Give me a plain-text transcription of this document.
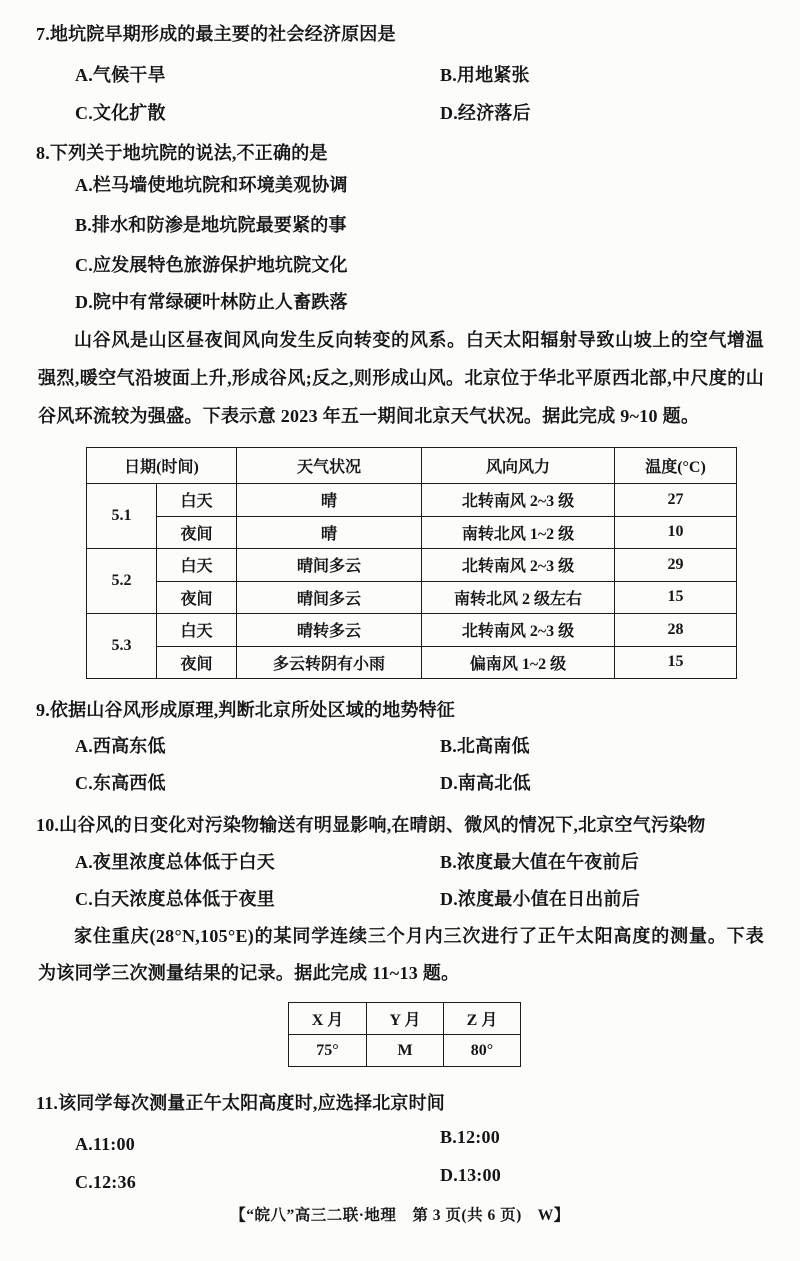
7.地坑院早期形成的最主要的社会经济原因是
A.气候干旱	B.用地紧张
C.文化扩散	D.经济落后
8.下列关于地坑院的说法,不正确的是
A.栏马墙使地坑院和环境美观协调
B.排水和防渗是地坑院最要紧的事
C.应发展特色旅游保护地坑院文化
D.院中有常绿硬叶林防止人畜跌落
山谷风是山区昼夜间风向发生反向转变的风系。白天太阳辐射导致山坡上的空气增温强烈,暖空气沿坡面上升,形成谷风;反之,则形成山风。北京位于华北平原西北部,中尺度的山谷风环流较为强盛。下表示意 2023 年五一期间北京天气状况。据此完成 9~10 题。
日期(时间)		天气状况	风向风力	温度(°C)
5.1	白天	晴	北转南风 2~3 级	27
	夜间	晴	南转北风 1~2 级	10
5.2	白天	晴间多云	北转南风 2~3 级	29
	夜间	晴间多云	南转北风 2 级左右	15
5.3	白天	晴转多云	北转南风 2~3 级	28
	夜间	多云转阴有小雨	偏南风 1~2 级	15
9.依据山谷风形成原理,判断北京所处区域的地势特征
A.西高东低	B.北高南低
C.东高西低	D.南高北低
10.山谷风的日变化对污染物输送有明显影响,在晴朗、微风的情况下,北京空气污染物
A.夜里浓度总体低于白天	B.浓度最大值在午夜前后
C.白天浓度总体低于夜里	D.浓度最小值在日出前后
家住重庆(28°N,105°E)的某同学连续三个月内三次进行了正午太阳高度的测量。下表为该同学三次测量结果的记录。据此完成 11~13 题。
X 月	Y 月	Z 月
75°	M	80°
11.该同学每次测量正午太阳高度时,应选择北京时间
A.11:00	B.12:00
C.12:36	D.13:00
【“皖八”高三二联·地理　第 3 页(共 6 页)　W】
